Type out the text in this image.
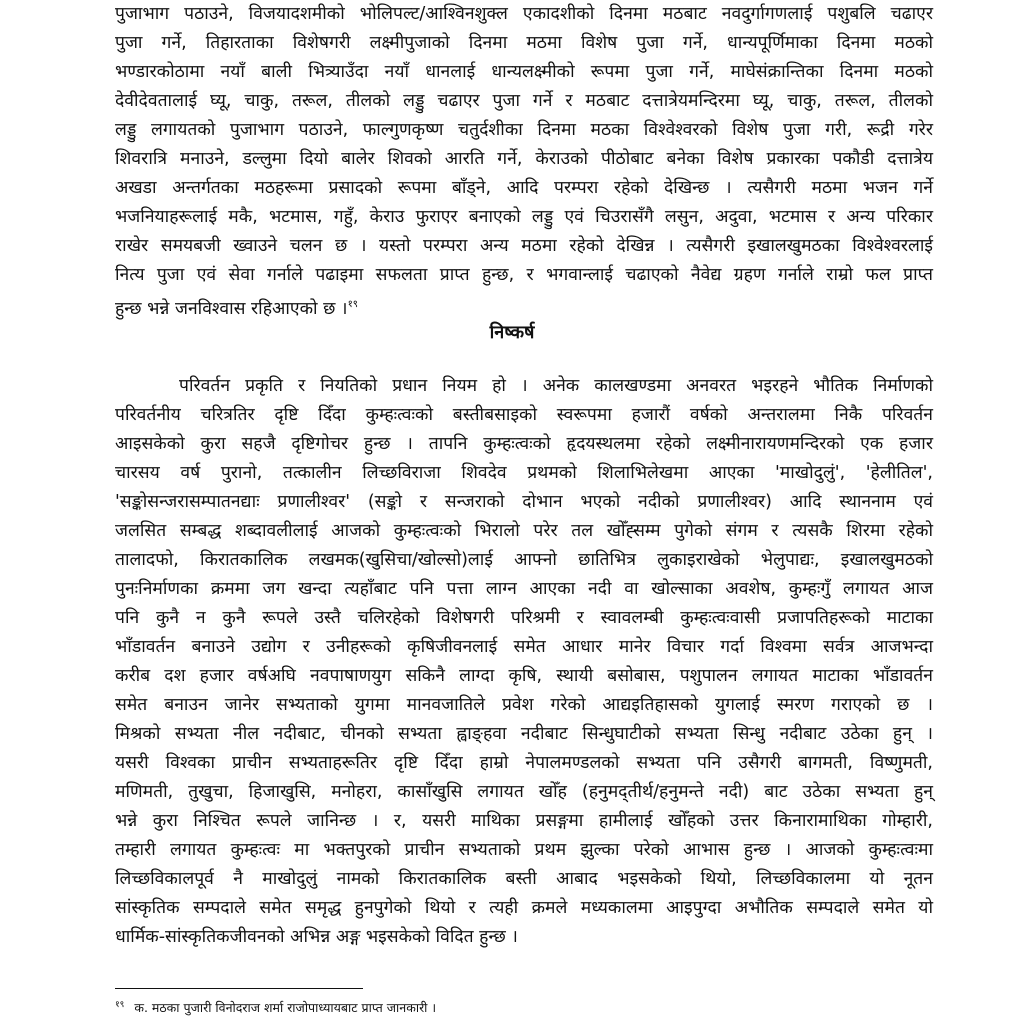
पुजाभाग पठाउने, विजयादशमीको भोलिपल्ट/आश्विनशुक्ल एकादशीको दिनमा मठबाट नवदुर्गागणलाई पशुबलि चढाएर
पुजा गर्ने, तिहारताका विशेषगरी लक्ष्मीपुजाको दिनमा मठमा विशेष पुजा गर्ने, धान्यपूर्णिमाका दिनमा मठको
भण्डारकोठामा नयाँ बाली भित्र्याउँदा नयाँ धानलाई धान्यलक्ष्मीको रूपमा पुजा गर्ने, माघेसंक्रान्तिका दिनमा मठको
देवीदेवतालाई घ्यू, चाकु, तरूल, तीलको लड्डु चढाएर पुजा गर्ने र मठबाट दत्तात्रेयमन्दिरमा घ्यू, चाकु, तरूल, तीलको
लड्डु लगायतको पुजाभाग पठाउने, फाल्गुणकृष्ण चतुर्दशीका दिनमा मठका विश्वेश्वरको विशेष पुजा गरी, रूद्री गरेर
शिवरात्रि मनाउने, डल्लुमा दियो बालेर शिवको आरति गर्ने, केराउको पीठोबाट बनेका विशेष प्रकारका पकौडी दत्तात्रेय
अखडा अन्तर्गतका मठहरूमा प्रसादको रूपमा बाँड्ने, आदि परम्परा रहेको देखिन्छ । त्यसैगरी मठमा भजन गर्ने
भजनियाहरूलाई मकै, भटमास, गहुँ, केराउ फुराएर बनाएको लड्डु एवं चिउरासँगै लसुन, अदुवा, भटमास र अन्य परिकार
राखेर समयबजी ख्वाउने चलन छ । यस्तो परम्परा अन्य मठमा रहेको देखिन्न । त्यसैगरी इखालखुमठका विश्वेश्वरलाई
नित्य पुजा एवं सेवा गर्नाले पढाइमा सफलता प्राप्त हुन्छ, र भगवान्लाई चढाएको नैवेद्य ग्रहण गर्नाले राम्रो फल प्राप्त
हुन्छ भन्ने जनविश्वास रहिआएको छ ।$^{१९}$

निष्कर्ष

परिवर्तन प्रकृति र नियतिको प्रधान नियम हो । अनेक कालखण्डमा अनवरत भइरहने भौतिक निर्माणको
परिवर्तनीय चरित्रतिर दृष्टि दिँदा कुम्हःत्वःको बस्तीबसाइको स्वरूपमा हजारौं वर्षको अन्तरालमा निकै परिवर्तन
आइसकेको कुरा सहजै दृष्टिगोचर हुन्छ । तापनि कुम्हःत्वःको हृदयस्थलमा रहेको लक्ष्मीनारायणमन्दिरको एक हजार
चारसय वर्ष पुरानो, तत्कालीन लिच्छविराजा शिवदेव प्रथमको शिलाभिलेखमा आएका 'माखोदुलुं', 'हेलीतिल',
'सङ्कोसन्जरासम्पातनद्याः प्रणालीश्वर' (सङ्को र सन्जराको दोभान भएको नदीको प्रणालीश्वर) आदि स्थाननाम एवं
जलसित सम्बद्ध शब्दावलीलाई आजको कुम्हःत्वःको भिरालो परेर तल खोँह्सम्म पुगेको संगम र त्यसकै शिरमा रहेको
तालादफो, किरातकालिक लखमक(खुसिचा/खोल्सो)लाई आफ्नो छातिभित्र लुकाइराखेको भेलुपाद्यः, इखालखुमठको
पुनःनिर्माणका क्रममा जग खन्दा त्यहाँबाट पनि पत्ता लाग्न आएका नदी वा खोल्साका अवशेष, कुम्हःगुँ लगायत आज
पनि कुनै न कुनै रूपले उस्तै चलिरहेको विशेषगरी परिश्रमी र स्वावलम्बी कुम्हःत्वःवासी प्रजापतिहरूको माटाका
भाँडावर्तन बनाउने उद्योग र उनीहरूको कृषिजीवनलाई समेत आधार मानेर विचार गर्दा विश्वमा सर्वत्र आजभन्दा
करीब दश हजार वर्षअघि नवपाषाणयुग सकिनै लाग्दा कृषि, स्थायी बसोबास, पशुपालन लगायत माटाका भाँडावर्तन
समेत बनाउन जानेर सभ्यताको युगमा मानवजातिले प्रवेश गरेको आद्यइतिहासको युगलाई स्मरण गराएको छ ।
मिश्रको सभ्यता नील नदीबाट, चीनको सभ्यता ह्वाङ्हवा नदीबाट सिन्धुघाटीको सभ्यता सिन्धु नदीबाट उठेका हुन् ।
यसरी विश्वका प्राचीन सभ्यताहरूतिर दृष्टि दिँदा हाम्रो नेपालमण्डलको सभ्यता पनि उसैगरी बागमती, विष्णुमती,
मणिमती, तुखुचा, हिजाखुसि, मनोहरा, कासाँखुसि लगायत खोँह (हनुमद्तीर्थ/हनुमन्ते नदी) बाट उठेका सभ्यता हुन्
भन्ने कुरा निश्चित रूपले जानिन्छ । र, यसरी माथिका प्रसङ्गमा हामीलाई खोँहको उत्तर किनारामाथिका गोम्हारी,
तम्हारी लगायत कुम्हःत्वः मा भक्तपुरको प्राचीन सभ्यताको प्रथम झुल्का परेको आभास हुन्छ । आजको कुम्हःत्वःमा
लिच्छविकालपूर्व नै माखोदुलुं नामको किरातकालिक बस्ती आबाद भइसकेको थियो, लिच्छविकालमा यो नूतन
सांस्कृतिक सम्पदाले समेत समृद्ध हुनपुगेको थियो र त्यही क्रमले मध्यकालमा आइपुग्दा अभौतिक सम्पदाले समेत यो
धार्मिक-सांस्कृतिकजीवनको अभिन्न अङ्ग भइसकेको विदित हुन्छ ।

$^{१९}$ क. मठका पुजारी विनोदराज शर्मा राजोपाध्यायबाट प्राप्त जानकारी ।
